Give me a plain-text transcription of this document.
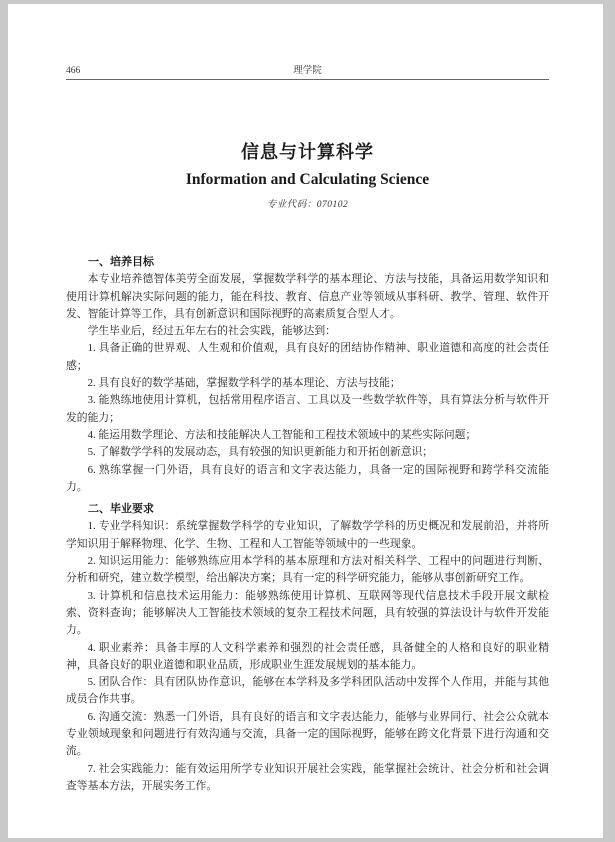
466	理学院
信息与计算科学
Information and Calculating Science
专业代码：070102
一、培养目标

本专业培养德智体美劳全面发展，掌握数学科学的基本理论、方法与技能，具备运用数学知识和使用计算机解决实际问题的能力，能在科技、教育、信息产业等领域从事科研、教学、管理、软件开发、智能计算等工作，具有创新意识和国际视野的高素质复合型人才。

学生毕业后，经过五年左右的社会实践，能够达到：

1. 具备正确的世界观、人生观和价值观，具有良好的团结协作精神、职业道德和高度的社会责任感；

2. 具有良好的数学基础，掌握数学科学的基本理论、方法与技能；

3. 能熟练地使用计算机，包括常用程序语言、工具以及一些数学软件等，具有算法分析与软件开发的能力；

4. 能运用数学理论、方法和技能解决人工智能和工程技术领域中的某些实际问题；

5. 了解数学学科的发展动态，具有较强的知识更新能力和开拓创新意识；

6. 熟练掌握一门外语，具有良好的语言和文字表达能力，具备一定的国际视野和跨学科交流能力。

二、毕业要求

1. 专业学科知识：系统掌握数学科学的专业知识，了解数学学科的历史概况和发展前沿，并将所学知识用于解释物理、化学、生物、工程和人工智能等领域中的一些现象。

2. 知识运用能力：能够熟练应用本学科的基本原理和方法对相关科学、工程中的问题进行判断、分析和研究，建立数学模型，给出解决方案；具有一定的科学研究能力，能够从事创新研究工作。

3. 计算机和信息技术运用能力：能够熟练使用计算机、互联网等现代信息技术手段开展文献检索、资料查询；能够解决人工智能技术领域的复杂工程技术问题，具有较强的算法设计与软件开发能力。

4. 职业素养：具备丰厚的人文科学素养和强烈的社会责任感，具备健全的人格和良好的职业精神，具备良好的职业道德和职业品质，形成职业生涯发展规划的基本能力。

5. 团队合作：具有团队协作意识，能够在本学科及多学科团队活动中发挥个人作用，并能与其他成员合作共事。

6. 沟通交流：熟悉一门外语，具有良好的语言和文字表达能力，能够与业界同行、社会公众就本专业领域现象和问题进行有效沟通与交流，具备一定的国际视野，能够在跨文化背景下进行沟通和交流。

7. 社会实践能力：能有效运用所学专业知识开展社会实践，能掌握社会统计、社会分析和社会调查等基本方法，开展实务工作。
